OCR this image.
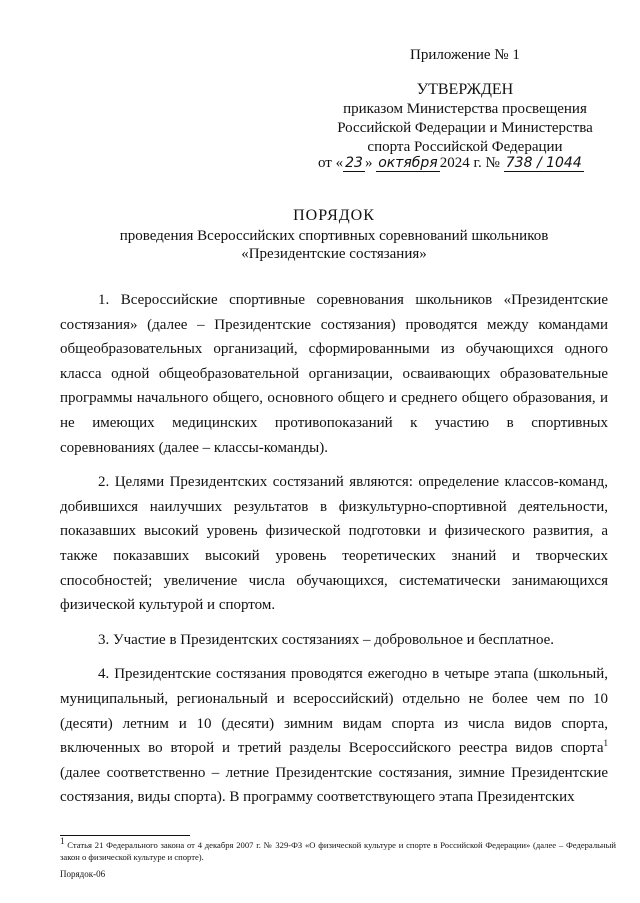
Приложение № 1
УТВЕРЖДЕН
приказом Министерства просвещения
Российской Федерации и Министерства
спорта Российской Федерации
от « 23 » октября 2024 г. № 738 / 1044
ПОРЯДОК
проведения Всероссийских спортивных соревнований школьников
«Президентские состязания»

1. Всероссийские спортивные соревнования школьников «Президентские состязания» (далее – Президентские состязания) проводятся между командами общеобразовательных организаций, сформированными из обучающихся одного класса одной общеобразовательной организации, осваивающих образовательные программы начального общего, основного общего и среднего общего образования, и не имеющих медицинских противопоказаний к участию в спортивных соревнованиях (далее – классы-команды).

2. Целями Президентских состязаний являются: определение классов-команд, добившихся наилучших результатов в физкультурно-спортивной деятельности, показавших высокий уровень физической подготовки и физического развития, а также показавших высокий уровень теоретических знаний и творческих способностей; увеличение числа обучающихся, систематически занимающихся физической культурой и спортом.

3. Участие в Президентских состязаниях – добровольное и бесплатное.

4. Президентские состязания проводятся ежегодно в четыре этапа (школьный, муниципальный, региональный и всероссийский) отдельно не более чем по 10 (десяти) летним и 10 (десяти) зимним видам спорта из числа видов спорта, включенных во второй и третий разделы Всероссийского реестра видов спорта$^1$ (далее соответственно – летние Президентские состязания, зимние Президентские состязания, виды спорта). В программу соответствующего этапа Президентских

$^1$ Статья 21 Федерального закона от 4 декабря 2007 г. № 329-ФЗ «О физической культуре и спорте в Российской Федерации» (далее – Федеральный закон о физической культуре и спорте).
Порядок-06
